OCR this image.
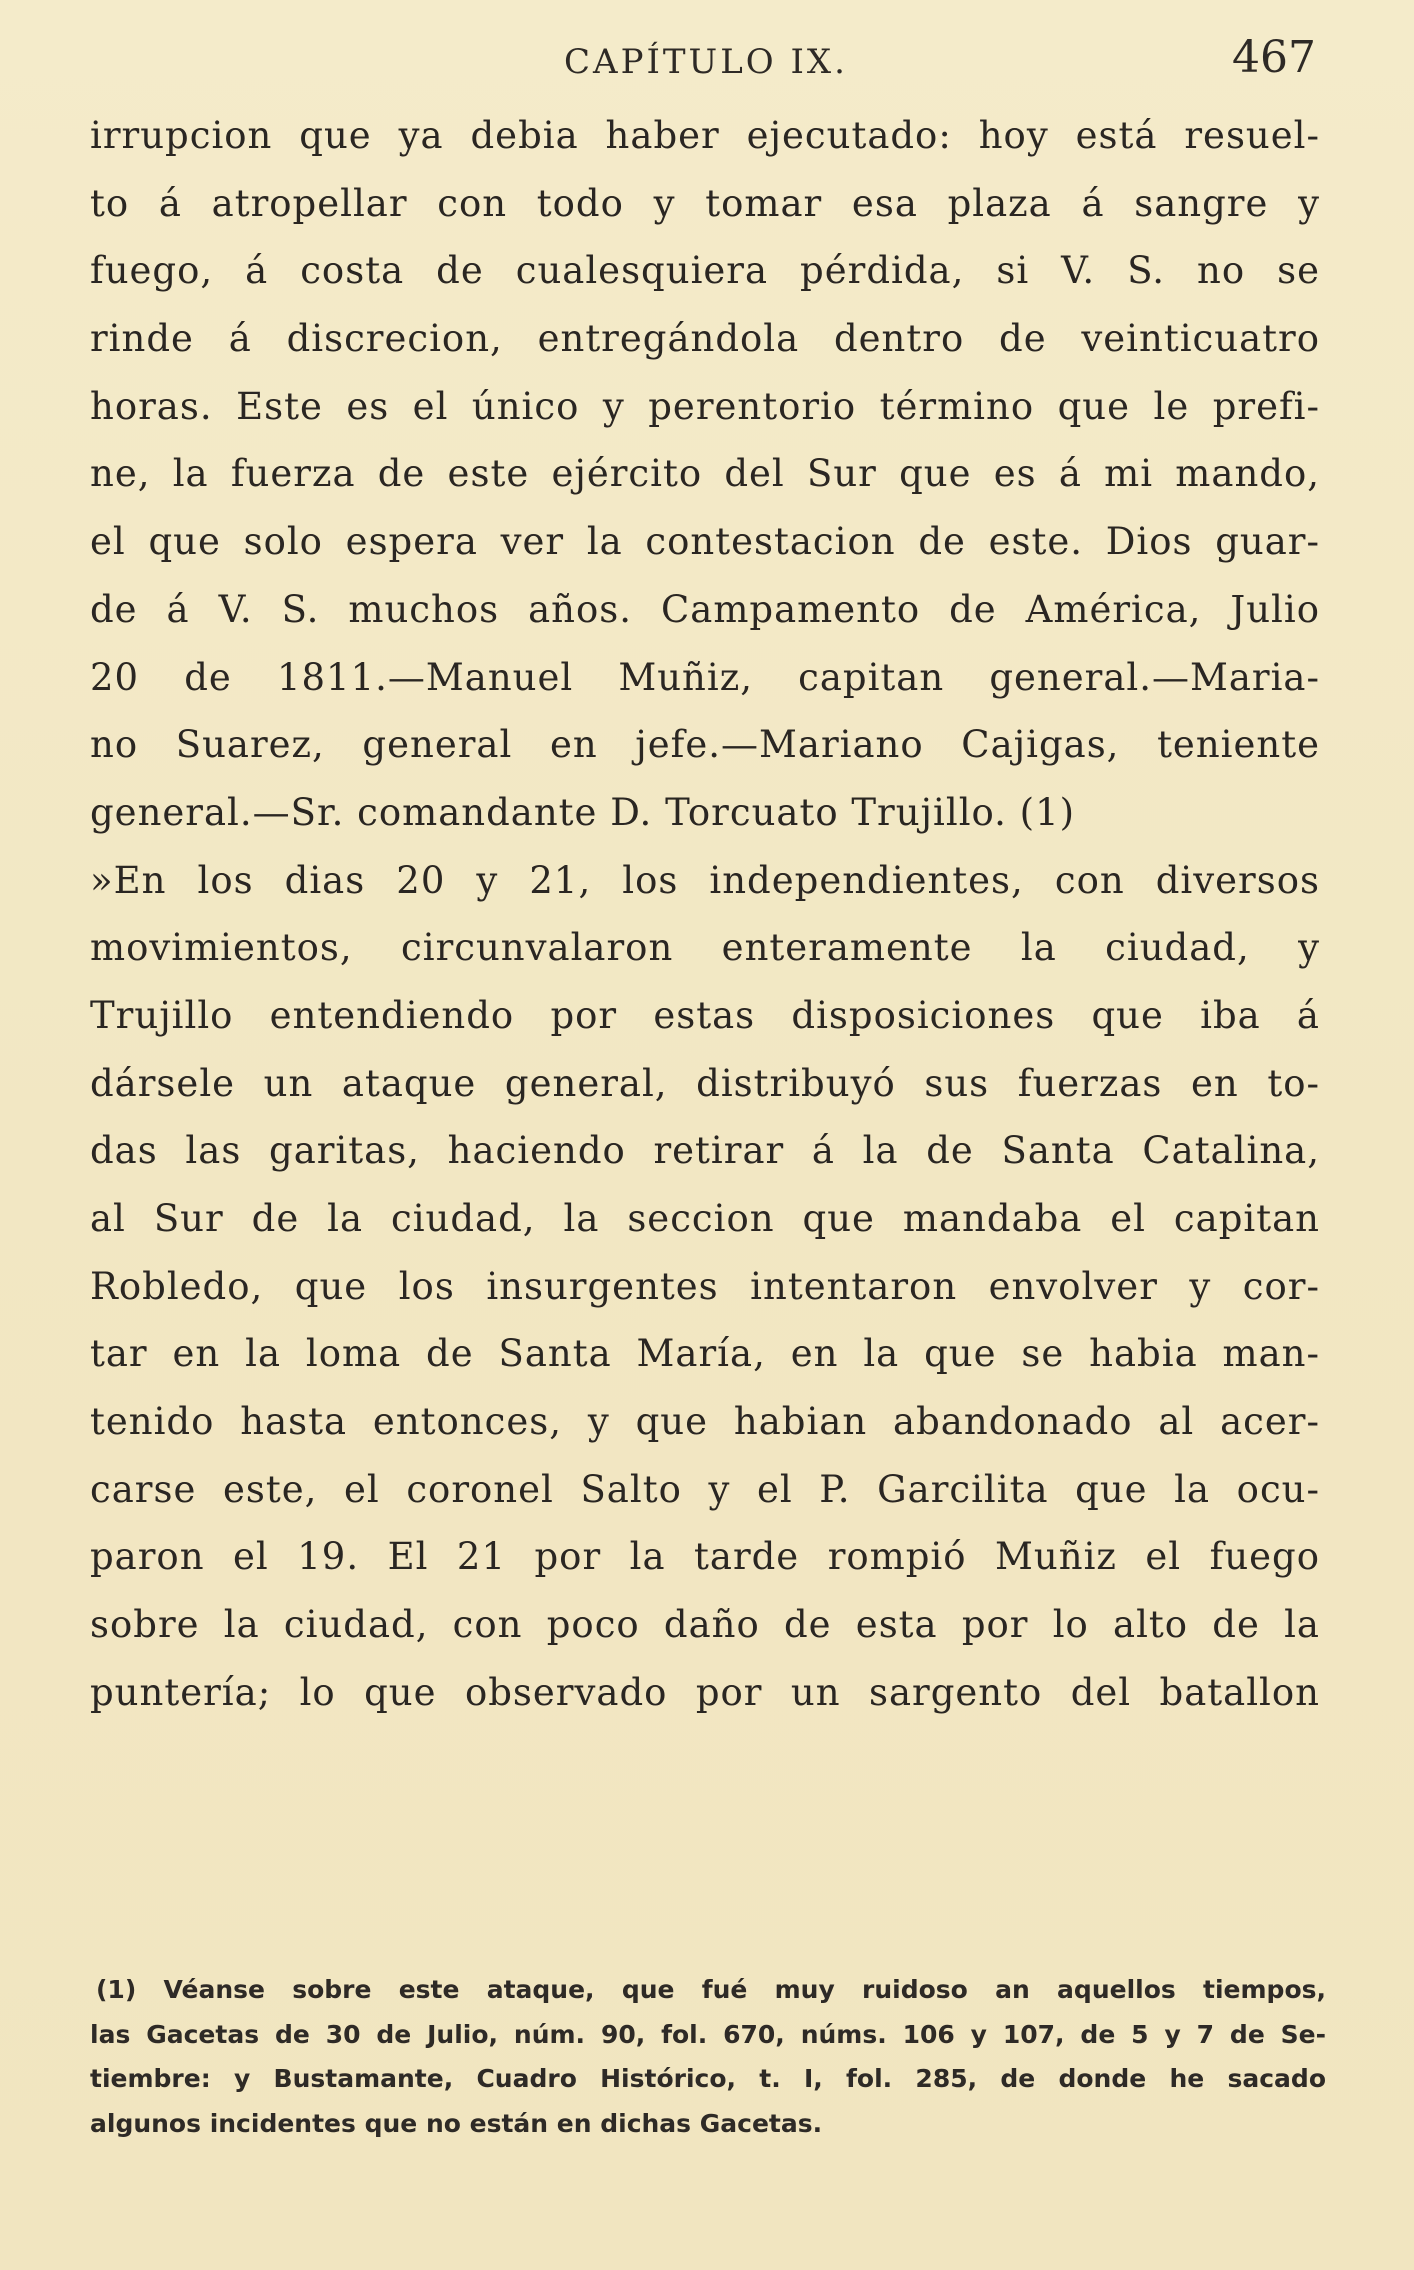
CAPÍTULO IX.	467
irrupcion que ya debia haber ejecutado: hoy está resuel-
to á atropellar con todo y tomar esa plaza á sangre y
fuego, á costa de cualesquiera pérdida, si V. S. no se
rinde á discrecion, entregándola dentro de veinticuatro
horas. Este es el único y perentorio término que le prefi-
ne, la fuerza de este ejército del Sur que es á mi mando,
el que solo espera ver la contestacion de este. Dios guar-
de á V. S. muchos años. Campamento de América, Julio
20 de 1811.—Manuel Muñiz, capitan general.—Maria-
no Suarez, general en jefe.—Mariano Cajigas, teniente
general.—Sr. comandante D. Torcuato Trujillo. (1)
»En los dias 20 y 21, los independientes, con diversos
movimientos, circunvalaron enteramente la ciudad, y
Trujillo entendiendo por estas disposiciones que iba á
dársele un ataque general, distribuyó sus fuerzas en to-
das las garitas, haciendo retirar á la de Santa Catalina,
al Sur de la ciudad, la seccion que mandaba el capitan
Robledo, que los insurgentes intentaron envolver y cor-
tar en la loma de Santa María, en la que se habia man-
tenido hasta entonces, y que habian abandonado al acer-
carse este, el coronel Salto y el P. Garcilita que la ocu-
paron el 19. El 21 por la tarde rompió Muñiz el fuego
sobre la ciudad, con poco daño de esta por lo alto de la
puntería; lo que observado por un sargento del batallon
(1) Véanse sobre este ataque, que fué muy ruidoso an aquellos tiempos,
las Gacetas de 30 de Julio, núm. 90, fol. 670, núms. 106 y 107, de 5 y 7 de Se-
tiembre: y Bustamante, Cuadro Histórico, t. I, fol. 285, de donde he sacado
algunos incidentes que no están en dichas Gacetas.
